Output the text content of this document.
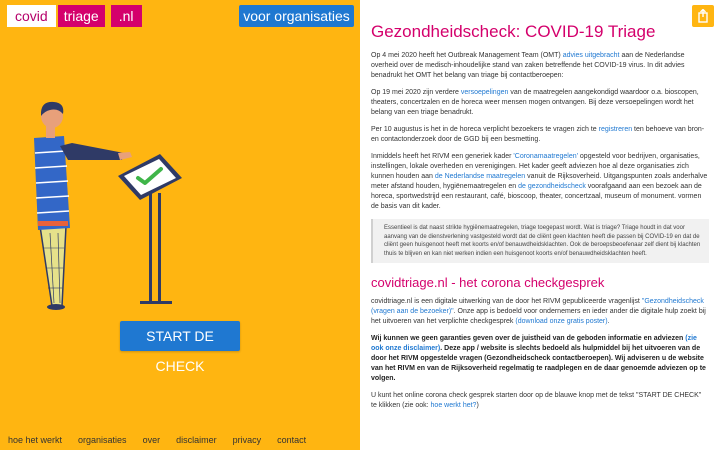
covid	triage	.nl	voor organisaties
START DE CHECK
hoe het werkt organisaties over disclaimer privacy contact
Gezondheidscheck: COVID-19 Triage

Op 4 mei 2020 heeft het Outbreak Management Team (OMT) advies uitgebracht aan de Nederlandse overheid over de medisch-inhoudelijke stand van zaken betreffende het COVID-19 virus. In dit advies benadrukt het OMT het belang van triage bij contactberoepen:

Op 19 mei 2020 zijn verdere versoepelingen van de maatregelen aangekondigd waardoor o.a. bioscopen, theaters, concertzalen en de horeca weer mensen mogen ontvangen. Bij deze versoepelingen wordt het belang van een triage benadrukt.

Per 10 augustus is het in de horeca verplicht bezoekers te vragen zich te registreren ten behoeve van bron- en contactonderzoek door de GGD bij een besmetting.

Inmiddels heeft het RIVM een generiek kader 'Coronamaatregelen' opgesteld voor bedrijven, organisaties, instellingen, lokale overheden en verenigingen. Het kader geeft adviezen hoe al deze organisaties zich kunnen houden aan de Nederlandse maatregelen vanuit de Rijksoverheid. Uitgangspunten zoals anderhalve meter afstand houden, hygiënemaatregelen en de gezondheidscheck voorafgaand aan een bezoek aan de horeca, sportwedstrijd een restaurant, café, bioscoop, theater, concertzaal, museum of monument. vormen de basis van dit kader.

Essentieel is dat naast strikte hygiënemaatregelen, triage toegepast wordt. Wat is triage? Triage houdt in dat voor aanvang van de dienstverlening vastgesteld wordt dat de cliënt geen klachten heeft die passen bij COVID-19 en dat de cliënt geen huisgenoot heeft met koorts en/of benauwdheidsklachten. Ook de beroepsbeoefenaar zelf dient bij klachten thuis te blijven en kan niet werken indien een huisgenoot koorts en/of benauwdheidsklachten heeft.
covidtriage.nl - het corona checkgesprek

covidtriage.nl is een digitale uitwerking van de door het RIVM gepubliceerde vragenlijst "Gezondheidscheck (vragen aan de bezoeker)". Onze app is bedoeld voor ondernemers en ieder ander die digitale hulp zoekt bij het uitvoeren van het verplichte checkgesprek (download onze gratis poster).

Wij kunnen we geen garanties geven over de juistheid van de geboden informatie en adviezen (zie ook onze disclaimer). Deze app / website is slechts bedoeld als hulpmiddel bij het uitvoeren van de door het RIVM opgestelde vragen (Gezondheidscheck contactberoepen). Wij adviseren u de website van het RIVM en van de Rijksoverheid regelmatig te raadplegen en de daar genoemde adviezen op te volgen.

U kunt het online corona check gesprek starten door op de blauwe knop met de tekst "START DE CHECK" te klikken (zie ook: hoe werkt het?)
